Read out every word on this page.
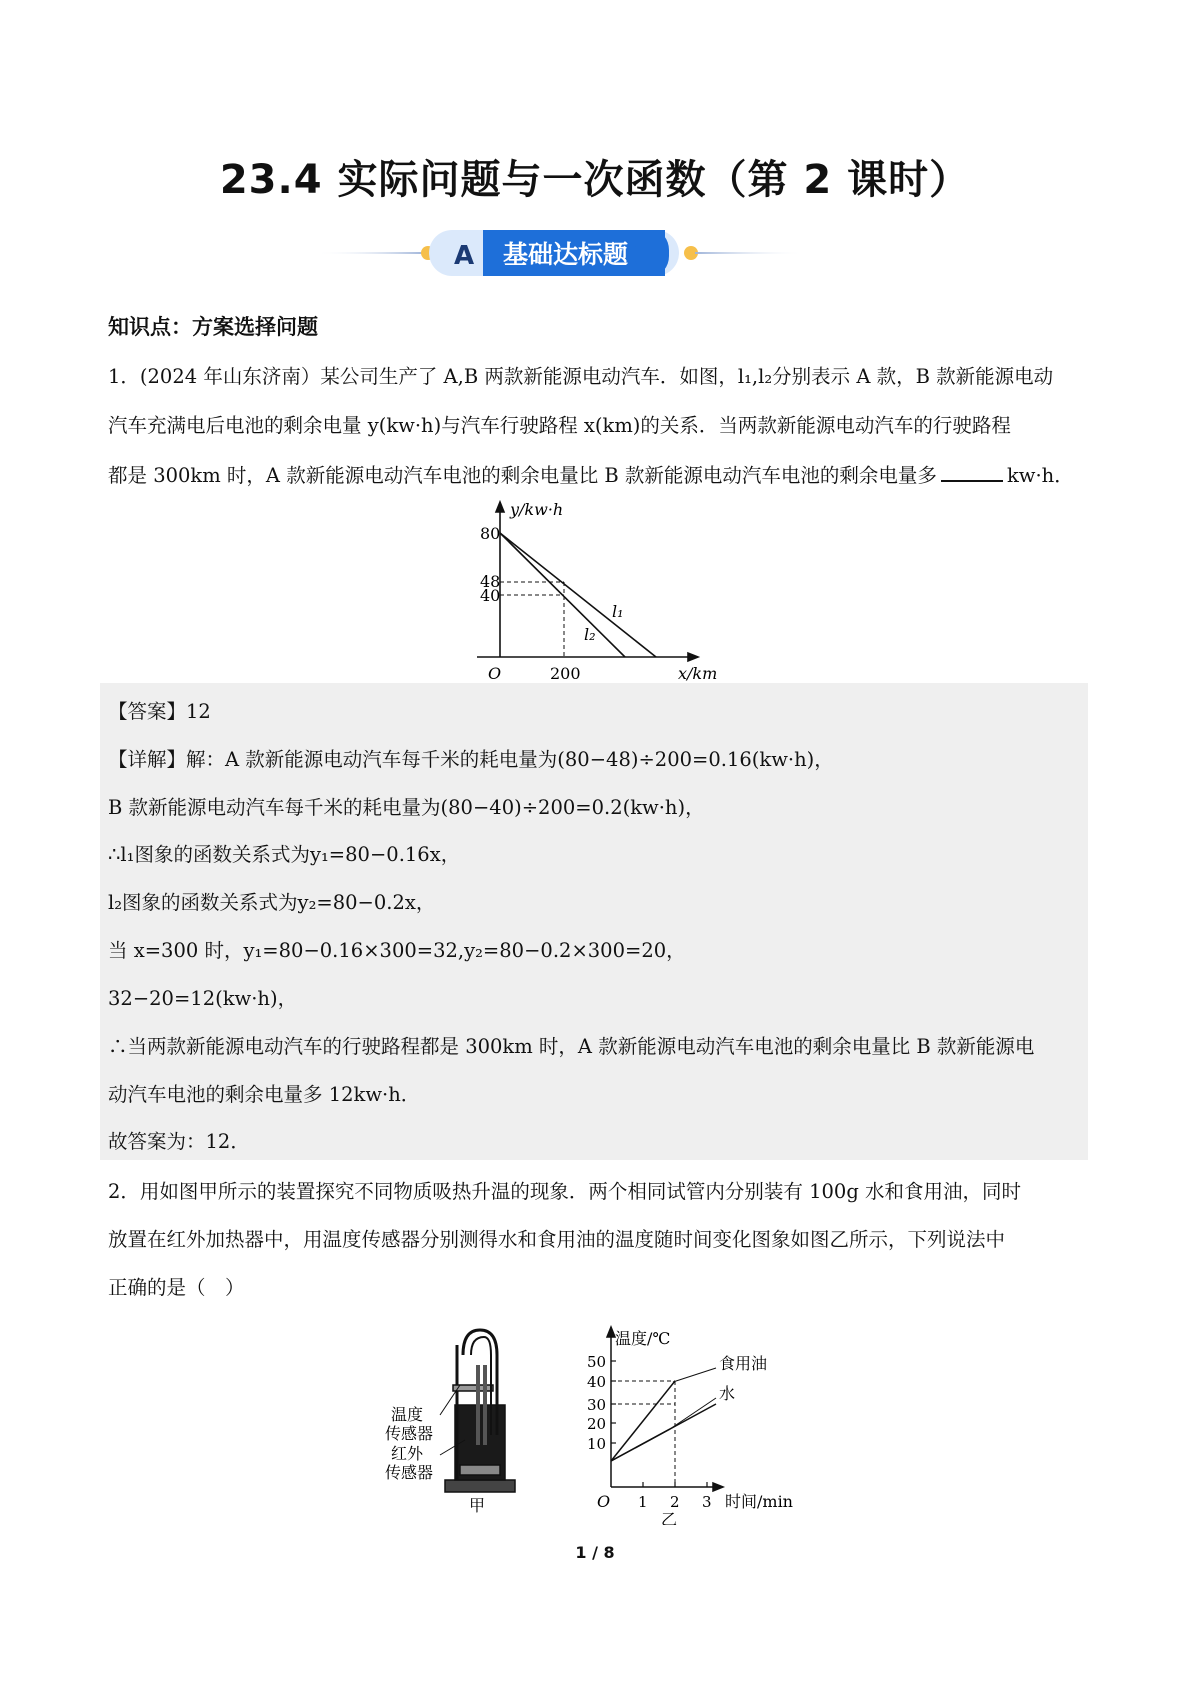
23.4 实际问题与一次函数（第 2 课时）
A 基础达标题
知识点：方案选择问题
1．(2024 年山东济南）某公司生产了 A,B 两款新能源电动汽车．如图，l₁,l₂分别表示 A 款，B 款新能源电动
汽车充满电后电池的剩余电量 y(kw·h)与汽车行驶路程 x(km)的关系．当两款新能源电动汽车的行驶路程
都是 300km 时，A 款新能源电动汽车电池的剩余电量比 B 款新能源电动汽车电池的剩余电量多	kw·h．
y/kw·h
80
48
40
O	200	x/km
l₁
l₂
【答案】12
【详解】解：A 款新能源电动汽车每千米的耗电量为(80−48)÷200=0.16(kw·h)，
B 款新能源电动汽车每千米的耗电量为(80−40)÷200=0.2(kw·h)，
∴l₁图象的函数关系式为y₁=80−0.16x，
l₂图象的函数关系式为y₂=80−0.2x，
当 x=300 时，y₁=80−0.16×300=32,y₂=80−0.2×300=20，
32−20=12(kw·h)，
∴当两款新能源电动汽车的行驶路程都是 300km 时，A 款新能源电动汽车电池的剩余电量比 B 款新能源电
动汽车电池的剩余电量多 12kw·h．
故答案为：12．
2．用如图甲所示的装置探究不同物质吸热升温的现象．两个相同试管内分别装有 100g 水和食用油，同时
放置在红外加热器中，用温度传感器分别测得水和食用油的温度随时间变化图象如图乙所示，下列说法中
正确的是（　）
温度
传感器
红外
传感器
甲
温度/℃
50
40
30
20
10
O 1 2 3 时间/min
食用油
水
乙
1 / 8
